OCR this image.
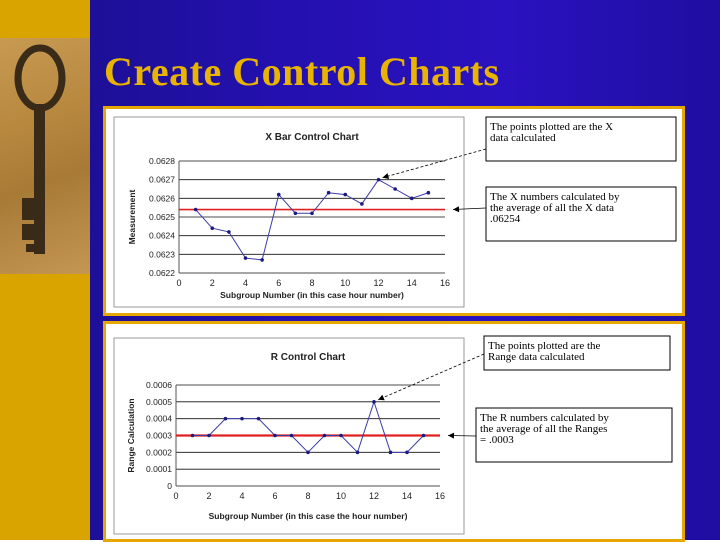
Create Control Charts
X Bar Control Chart
0.0628
0.0627
0.0626
0.0625
0.0624
0.0623
0.0622
0	2	4	6	8	10	12	14	16
Subgroup Number (in this case hour number)
Measurement
The points plotted are the X
data calculated
The X numbers calculated by
the average of all the X data
.06254
R Control Chart
0.0006
0.0005
0.0004
0.0003
0.0002
0.0001
0
0	2	4	6	8	10	12	14	16
Subgroup Number (in this case the hour number)
Range Calculation
The points plotted are the
Range data calculated
The R numbers calculated by
the average of all the Ranges
= .0003
